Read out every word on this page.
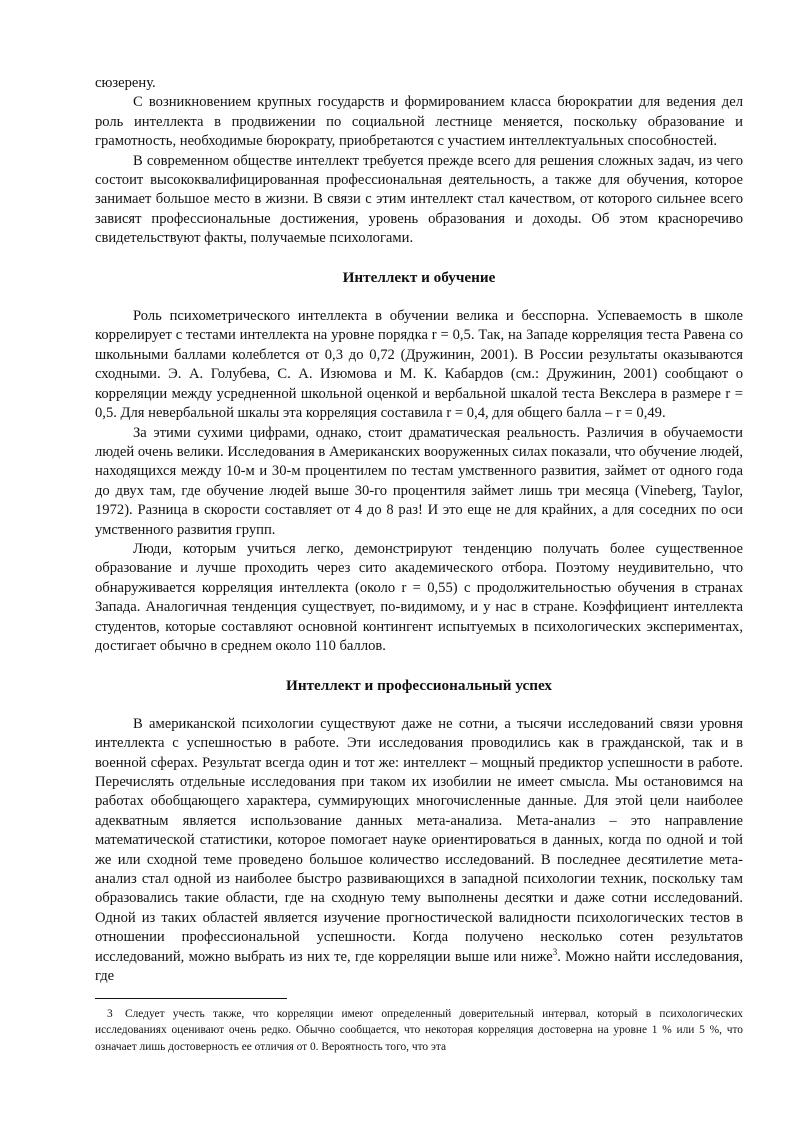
сюзерену.

С возникновением крупных государств и формированием класса бюрократии для ведения дел роль интеллекта в продвижении по социальной лестнице меняется, поскольку образование и грамотность, необходимые бюрократу, приобретаются с участием интеллектуальных способностей.

В современном обществе интеллект требуется прежде всего для решения сложных задач, из чего состоит высококвалифицированная профессиональная деятельность, а также для обучения, которое занимает большое место в жизни. В связи с этим интеллект стал качеством, от которого сильнее всего зависят профессиональные достижения, уровень образования и доходы. Об этом красноречиво свидетельствуют факты, получаемые психологами.

Интеллект и обучение

Роль психометрического интеллекта в обучении велика и бесспорна. Успеваемость в школе коррелирует с тестами интеллекта на уровне порядка r = 0,5. Так, на Западе корреляция теста Равена со школьными баллами колеблется от 0,3 до 0,72 (Дружинин, 2001). В России результаты оказываются сходными. Э. А. Голубева, С. А. Изюмова и М. К. Кабардов (см.: Дружинин, 2001) сообщают о корреляции между усредненной школьной оценкой и вербальной шкалой теста Векслера в размере r = 0,5. Для невербальной шкалы эта корреляция составила r = 0,4, для общего балла – r = 0,49.

За этими сухими цифрами, однако, стоит драматическая реальность. Различия в обучаемости людей очень велики. Исследования в Американских вооруженных силах показали, что обучение людей, находящихся между 10-м и 30-м процентилем по тестам умственного развития, займет от одного года до двух там, где обучение людей выше 30-го процентиля займет лишь три месяца (Vineberg, Taylor, 1972). Разница в скорости составляет от 4 до 8 раз! И это еще не для крайних, а для соседних по оси умственного развития групп.

Люди, которым учиться легко, демонстрируют тенденцию получать более существенное образование и лучше проходить через сито академического отбора. Поэтому неудивительно, что обнаруживается корреляция интеллекта (около r = 0,55) с продолжительностью обучения в странах Запада. Аналогичная тенденция существует, по-видимому, и у нас в стране. Коэффициент интеллекта студентов, которые составляют основной контингент испытуемых в психологических экспериментах, достигает обычно в среднем около 110 баллов.

Интеллект и профессиональный успех

В американской психологии существуют даже не сотни, а тысячи исследований связи уровня интеллекта с успешностью в работе. Эти исследования проводились как в гражданской, так и в военной сферах. Результат всегда один и тот же: интеллект – мощный предиктор успешности в работе. Перечислять отдельные исследования при таком их изобилии не имеет смысла. Мы остановимся на работах обобщающего характера, суммирующих многочисленные данные. Для этой цели наиболее адекватным является использование данных мета-анализа. Мета-анализ – это направление математической статистики, которое помогает науке ориентироваться в данных, когда по одной и той же или сходной теме проведено большое количество исследований. В последнее десятилетие мета-анализ стал одной из наиболее быстро развивающихся в западной психологии техник, поскольку там образовались такие области, где на сходную тему выполнены десятки и даже сотни исследований. Одной из таких областей является изучение прогностической валидности психологических тестов в отношении профессиональной успешности. Когда получено несколько сотен результатов исследований, можно выбрать из них те, где корреляции выше или ниже$^3$. Можно найти исследования, где

3 Следует учесть также, что корреляции имеют определенный доверительный интервал, который в психологических исследованиях оценивают очень редко. Обычно сообщается, что некоторая корреляция достоверна на уровне 1 % или 5 %, что означает лишь достоверность ее отличия от 0. Вероятность того, что эта
